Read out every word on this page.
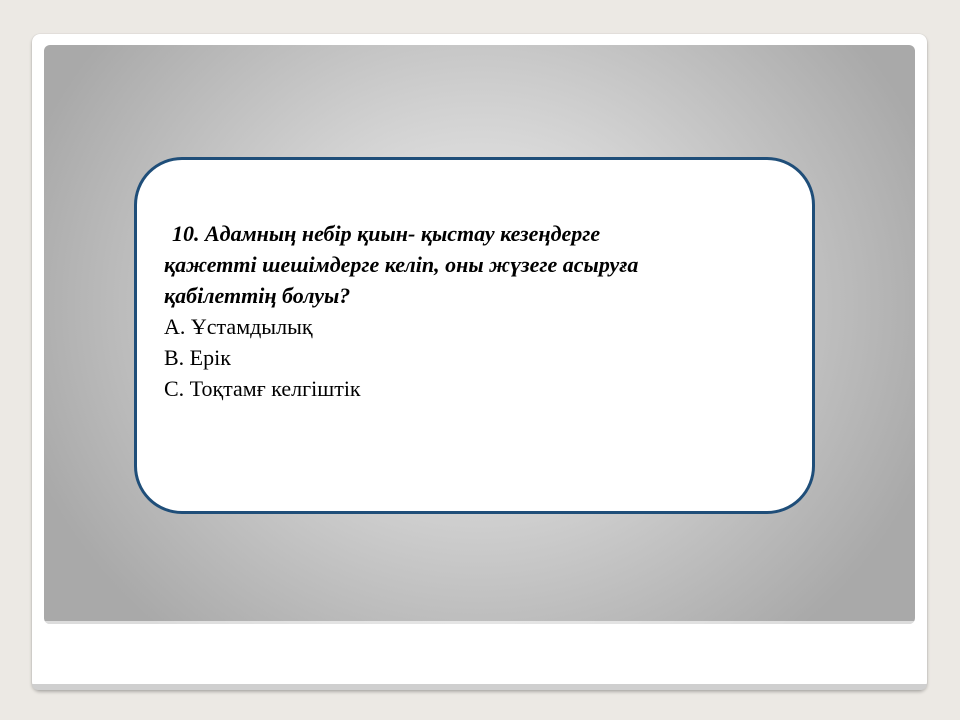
10. Адамның небір қиын- қыстау кезеңдерге
қажетті шешімдерге келіп, оны жүзеге асыруға
қабілеттің болуы?
А. Ұстамдылық
В. Ерік
С. Тоқтамғ келгіштік
